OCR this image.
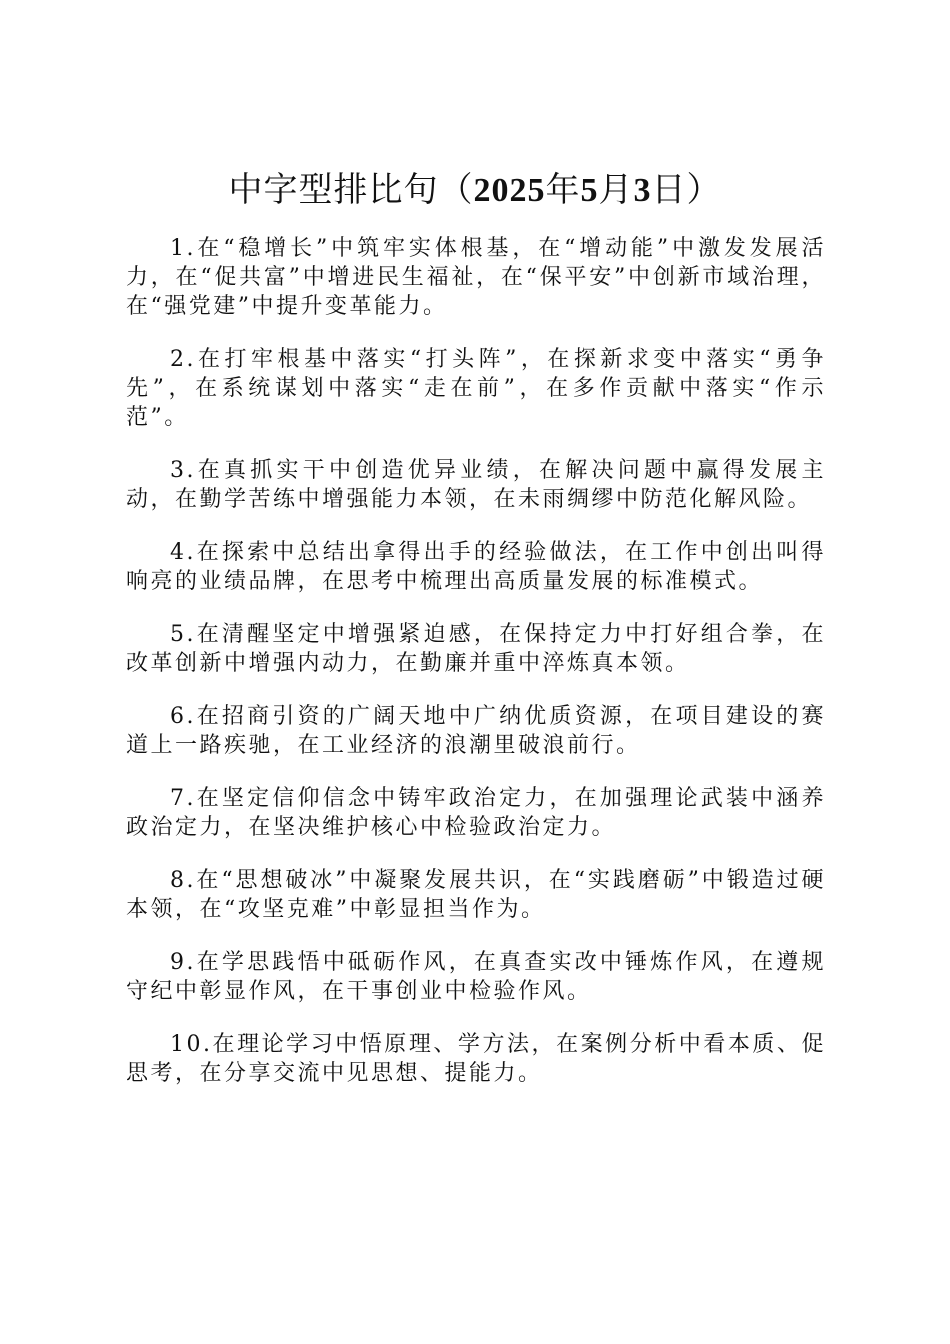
中字型排比句（2025年5月3日）

1.在“稳增长”中筑牢实体根基，在“增动能”中激发发展活力，在“促共富”中增进民生福祉，在“保平安”中创新市域治理，在“强党建”中提升变革能力。

2.在打牢根基中落实“打头阵”，在探新求变中落实“勇争先”，在系统谋划中落实“走在前”，在多作贡献中落实“作示范”。

3.在真抓实干中创造优异业绩，在解决问题中赢得发展主动，在勤学苦练中增强能力本领，在未雨绸缪中防范化解风险。

4.在探索中总结出拿得出手的经验做法，在工作中创出叫得响亮的业绩品牌，在思考中梳理出高质量发展的标准模式。

5.在清醒坚定中增强紧迫感，在保持定力中打好组合拳，在改革创新中增强内动力，在勤廉并重中淬炼真本领。

6.在招商引资的广阔天地中广纳优质资源，在项目建设的赛道上一路疾驰，在工业经济的浪潮里破浪前行。

7.在坚定信仰信念中铸牢政治定力，在加强理论武装中涵养政治定力，在坚决维护核心中检验政治定力。

8.在“思想破冰”中凝聚发展共识，在“实践磨砺”中锻造过硬本领，在“攻坚克难”中彰显担当作为。

9.在学思践悟中砥砺作风，在真查实改中锤炼作风，在遵规守纪中彰显作风，在干事创业中检验作风。

10.在理论学习中悟原理、学方法，在案例分析中看本质、促思考，在分享交流中见思想、提能力。
